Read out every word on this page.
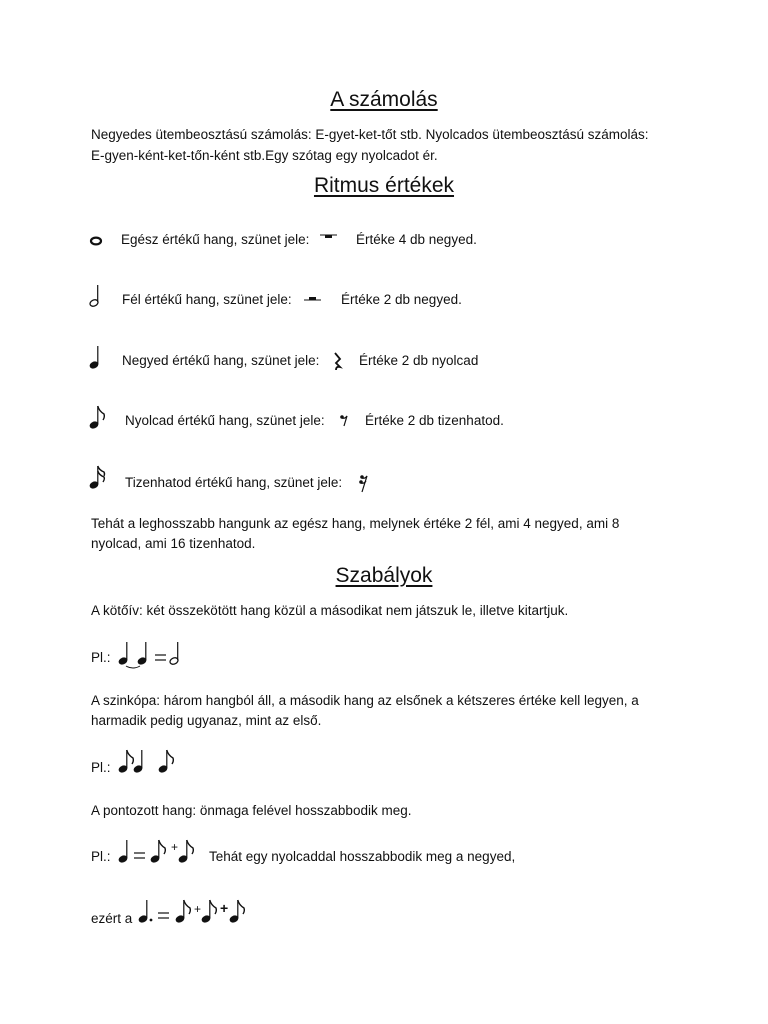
A számolás
Negyedes ütembeosztású számolás: E-gyet-ket-tőt stb. Nyolcados ütembeosztású számolás:
E-gyen-ként-ket-tőn-ként stb.Egy szótag egy nyolcadot ér.
Ritmus értékek
Egész értékű hang, szünet jele:	Értéke 4 db negyed.
Fél értékű hang, szünet jele:	Értéke 2 db negyed.
Negyed értékű hang, szünet jele:	Értéke 2 db nyolcad
Nyolcad értékű hang, szünet jele:	Értéke 2 db tizenhatod.
Tizenhatod értékű hang, szünet jele:
Tehát a leghosszabb hangunk az egész hang, melynek értéke 2 fél, ami 4 negyed, ami 8
nyolcad, ami 16 tizenhatod.
Szabályok
A kötőív: két összekötött hang közül a másodikat nem játszuk le, illetve kitartjuk.
Pl.:
A szinkópa: három hangból áll, a második hang az elsőnek a kétszeres értéke kell legyen, a
harmadik pedig ugyanaz, mint az első.
Pl.:
A pontozott hang: önmaga felével hosszabbodik meg.
Pl.:
+
Tehát egy nyolcaddal hosszabbodik meg a negyed,
ezért a
+ +
